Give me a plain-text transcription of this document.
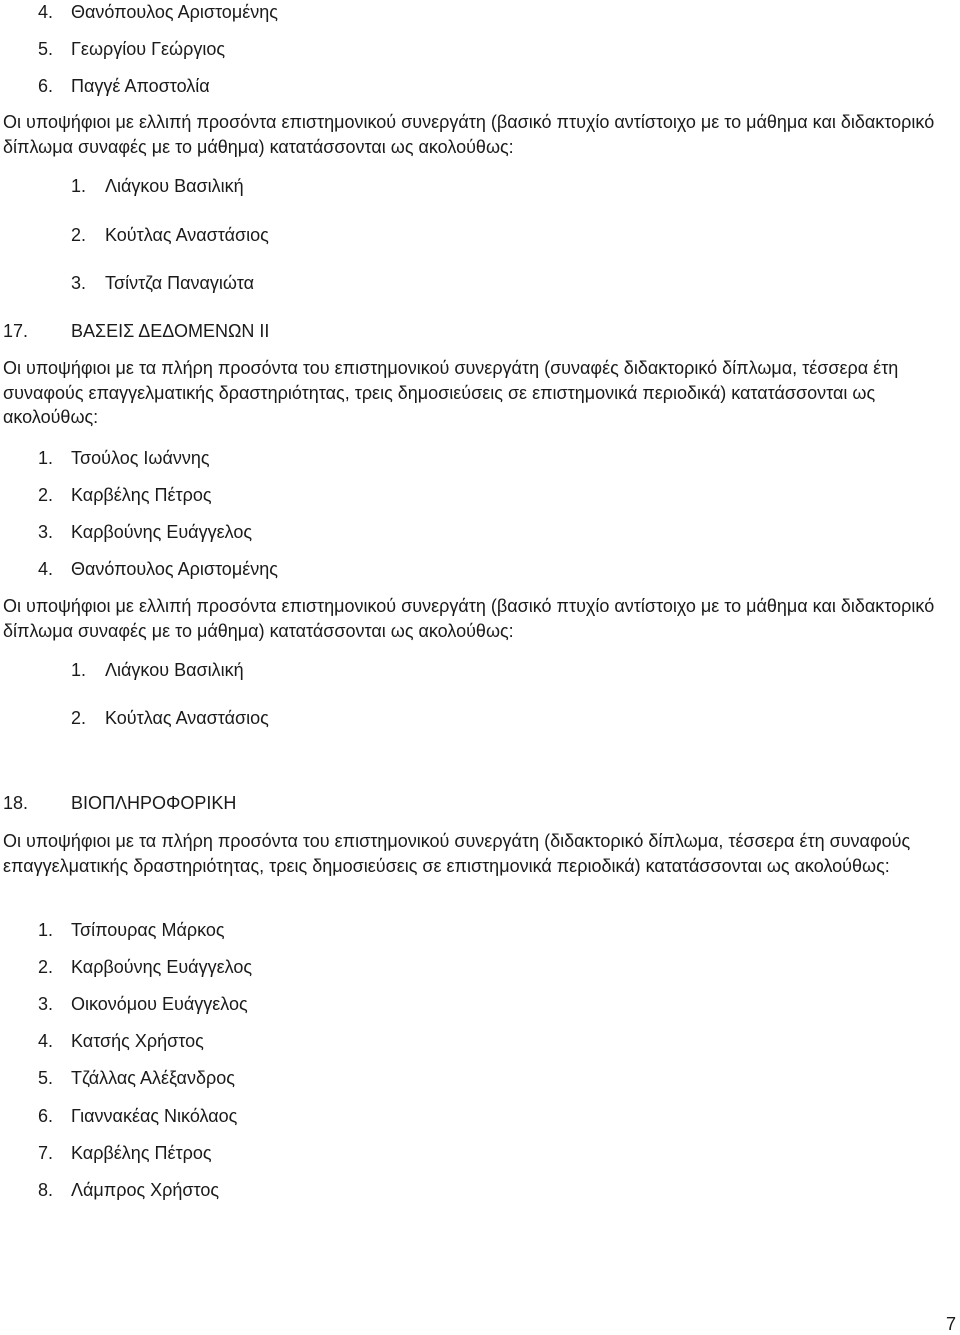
4. Θανόπουλος Αριστομένης
5. Γεωργίου Γεώργιος
6. Παγγέ Αποστολία
Οι υποψήφιοι με ελλιπή προσόντα επιστημονικού συνεργάτη (βασικό πτυχίο αντίστοιχο με το μάθημα και διδακτορικό δίπλωμα συναφές με το μάθημα) κατατάσσονται ως ακολούθως:
1. Λιάγκου Βασιλική
2. Κούτλας Αναστάσιος
3. Τσίντζα Παναγιώτα
17. ΒΑΣΕΙΣ ΔΕΔΟΜΕΝΩΝ ΙΙ
Οι υποψήφιοι με τα πλήρη προσόντα του επιστημονικού συνεργάτη (συναφές διδακτορικό δίπλωμα, τέσσερα έτη συναφούς επαγγελματικής δραστηριότητας, τρεις δημοσιεύσεις σε επιστημονικά περιοδικά) κατατάσσονται ως ακολούθως:
1. Τσούλος Ιωάννης
2. Καρβέλης Πέτρος
3. Καρβούνης Ευάγγελος
4. Θανόπουλος Αριστομένης
Οι υποψήφιοι με ελλιπή προσόντα επιστημονικού συνεργάτη (βασικό πτυχίο αντίστοιχο με το μάθημα και διδακτορικό δίπλωμα συναφές με το μάθημα) κατατάσσονται ως ακολούθως:
1. Λιάγκου Βασιλική
2. Κούτλας Αναστάσιος
18. ΒΙΟΠΛΗΡΟΦΟΡΙΚΗ
Οι υποψήφιοι με τα πλήρη προσόντα του επιστημονικού συνεργάτη (διδακτορικό δίπλωμα, τέσσερα έτη συναφούς επαγγελματικής δραστηριότητας, τρεις δημοσιεύσεις σε επιστημονικά περιοδικά) κατατάσσονται ως ακολούθως:
1. Τσίπουρας Μάρκος
2. Καρβούνης Ευάγγελος
3. Οικονόμου Ευάγγελος
4. Κατσής Χρήστος
5. Τζάλλας Αλέξανδρος
6. Γιαννακέας Νικόλαος
7. Καρβέλης Πέτρος
8. Λάμπρος Χρήστος
7
